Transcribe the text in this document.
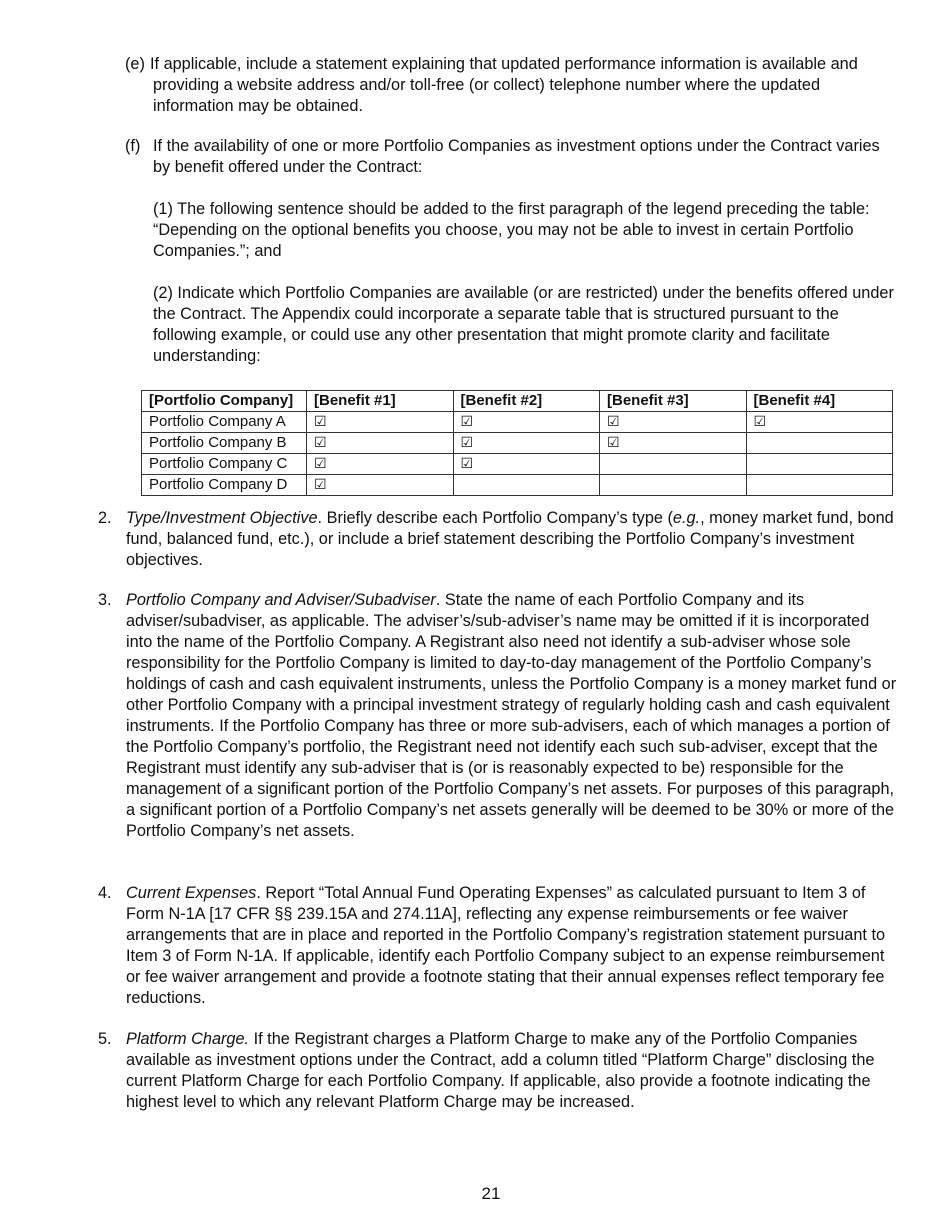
(e) If applicable, include a statement explaining that updated performance information is available and providing a website address and/or toll-free (or collect) telephone number where the updated information may be obtained.
(f) If the availability of one or more Portfolio Companies as investment options under the Contract varies by benefit offered under the Contract:
(1) The following sentence should be added to the first paragraph of the legend preceding the table: “Depending on the optional benefits you choose, you may not be able to invest in certain Portfolio Companies.”; and
(2) Indicate which Portfolio Companies are available (or are restricted) under the benefits offered under the Contract. The Appendix could incorporate a separate table that is structured pursuant to the following example, or could use any other presentation that might promote clarity and facilitate understanding:
[Portfolio Company]	[Benefit #1]	[Benefit #2]	[Benefit #3]	[Benefit #4]
Portfolio Company A	☑	☑	☑	☑
Portfolio Company B	☑	☑	☑	
Portfolio Company C	☑	☑		
Portfolio Company D	☑			
2. Type/Investment Objective. Briefly describe each Portfolio Company’s type (e.g., money market fund, bond fund, balanced fund, etc.), or include a brief statement describing the Portfolio Company’s investment objectives.
3. Portfolio Company and Adviser/Subadviser. State the name of each Portfolio Company and its adviser/subadviser, as applicable. The adviser’s/sub-adviser’s name may be omitted if it is incorporated into the name of the Portfolio Company. A Registrant also need not identify a sub-adviser whose sole responsibility for the Portfolio Company is limited to day-to-day management of the Portfolio Company’s holdings of cash and cash equivalent instruments, unless the Portfolio Company is a money market fund or other Portfolio Company with a principal investment strategy of regularly holding cash and cash equivalent instruments. If the Portfolio Company has three or more sub-advisers, each of which manages a portion of the Portfolio Company’s portfolio, the Registrant need not identify each such sub-adviser, except that the Registrant must identify any sub-adviser that is (or is reasonably expected to be) responsible for the management of a significant portion of the Portfolio Company’s net assets. For purposes of this paragraph, a significant portion of a Portfolio Company’s net assets generally will be deemed to be 30% or more of the Portfolio Company’s net assets.
4. Current Expenses. Report “Total Annual Fund Operating Expenses” as calculated pursuant to Item 3 of Form N-1A [17 CFR §§ 239.15A and 274.11A], reflecting any expense reimbursements or fee waiver arrangements that are in place and reported in the Portfolio Company’s registration statement pursuant to Item 3 of Form N-1A. If applicable, identify each Portfolio Company subject to an expense reimbursement or fee waiver arrangement and provide a footnote stating that their annual expenses reflect temporary fee reductions.
5. Platform Charge. If the Registrant charges a Platform Charge to make any of the Portfolio Companies available as investment options under the Contract, add a column titled “Platform Charge” disclosing the current Platform Charge for each Portfolio Company. If applicable, also provide a footnote indicating the highest level to which any relevant Platform Charge may be increased.
21
